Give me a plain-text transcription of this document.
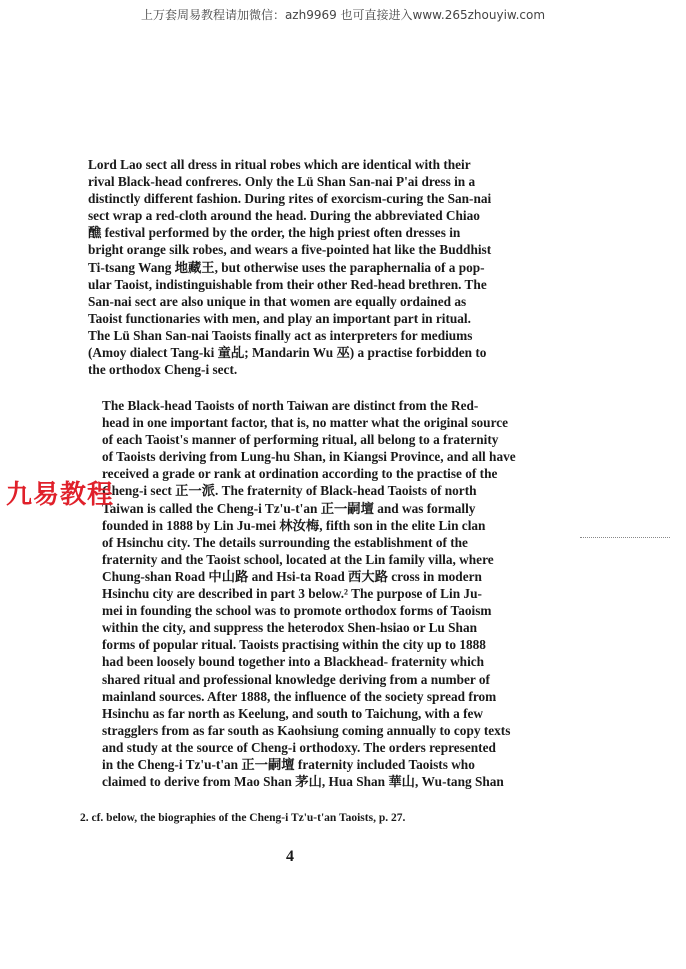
上万套周易教程请加微信：azh9969 也可直接进入www.265zhouyiw.com
Lord Lao sect all dress in ritual robes which are identical with their
rival Black-head confreres. Only the Lü Shan San-nai P'ai dress in a
distinctly different fashion. During rites of exorcism-curing the San-nai
sect wrap a red-cloth around the head. During the abbreviated Chiao
醮 festival performed by the order, the high priest often dresses in
bright orange silk robes, and wears a five-pointed hat like the Buddhist
Ti-tsang Wang 地藏王, but otherwise uses the paraphernalia of a pop-
ular Taoist, indistinguishable from their other Red-head brethren. The
San-nai sect are also unique in that women are equally ordained as
Taoist functionaries with men, and play an important part in ritual.
The Lü Shan San-nai Taoists finally act as interpreters for mediums
(Amoy dialect Tang-ki 童乩; Mandarin Wu 巫) a practise forbidden to
the orthodox Cheng-i sect.
The Black-head Taoists of north Taiwan are distinct from the Red-
head in one important factor, that is, no matter what the original source
of each Taoist's manner of performing ritual, all belong to a fraternity
of Taoists deriving from Lung-hu Shan, in Kiangsi Province, and all have
received a grade or rank at ordination according to the practise of the
Cheng-i sect 正一派. The fraternity of Black-head Taoists of north
Taiwan is called the Cheng-i Tz'u-t'an 正一嗣壇 and was formally
founded in 1888 by Lin Ju-mei 林汝梅, fifth son in the elite Lin clan
of Hsinchu city. The details surrounding the establishment of the
fraternity and the Taoist school, located at the Lin family villa, where
Chung-shan Road 中山路 and Hsi-ta Road 西大路 cross in modern
Hsinchu city are described in part 3 below.² The purpose of Lin Ju-
mei in founding the school was to promote orthodox forms of Taoism
within the city, and suppress the heterodox Shen-hsiao or Lu Shan
forms of popular ritual. Taoists practising within the city up to 1888
had been loosely bound together into a Blackhead- fraternity which
shared ritual and professional knowledge deriving from a number of
mainland sources. After 1888, the influence of the society spread from
Hsinchu as far north as Keelung, and south to Taichung, with a few
stragglers from as far south as Kaohsiung coming annually to copy texts
and study at the source of Cheng-i orthodoxy. The orders represented
in the Cheng-i Tz'u-t'an 正一嗣壇 fraternity included Taoists who
claimed to derive from Mao Shan 茅山, Hua Shan 華山, Wu-tang Shan
九易教程
2. cf. below, the biographies of the Cheng-i Tz'u-t'an Taoists, p. 27.
4
